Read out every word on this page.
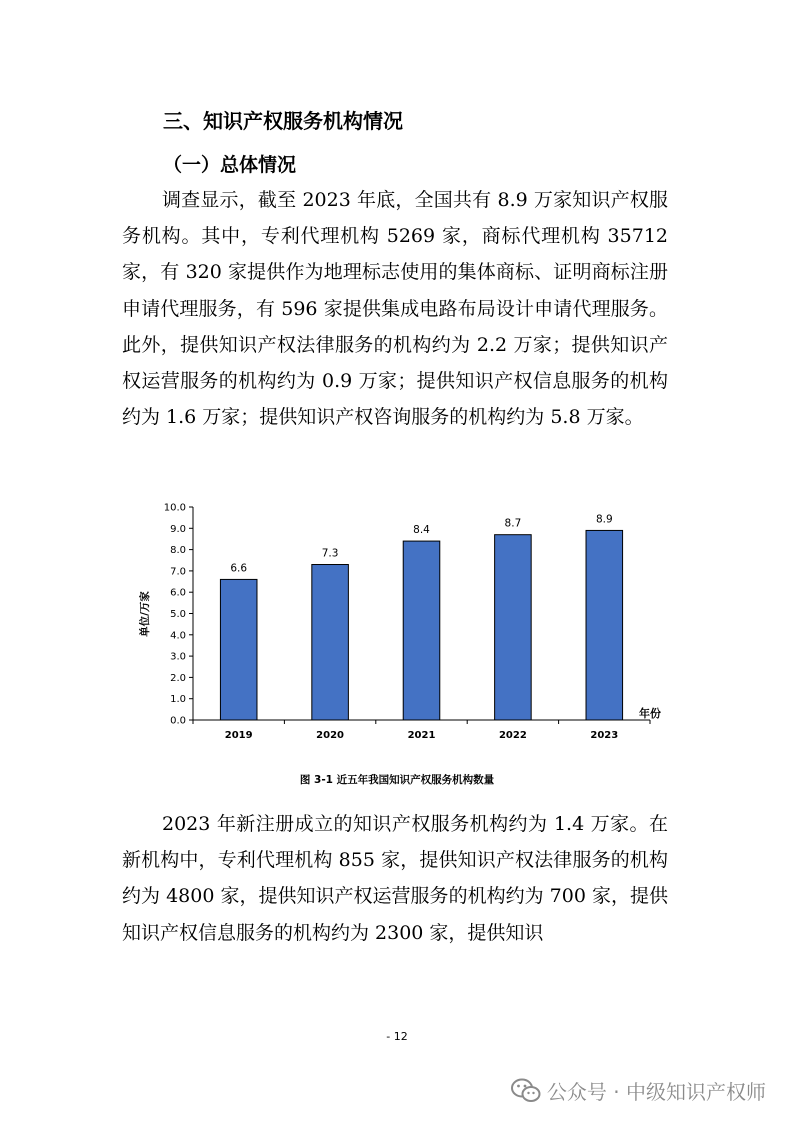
三、知识产权服务机构情况
（一）总体情况

调查显示，截至 2023 年底，全国共有 8.9 万家知识产权服务机构。其中，专利代理机构 5269 家，商标代理机构 35712 家，有 320 家提供作为地理标志使用的集体商标、证明商标注册申请代理服务，有 596 家提供集成电路布局设计申请代理服务。此外，提供知识产权法律服务的机构约为 2.2 万家；提供知识产权运营服务的机构约为 0.9 万家；提供知识产权信息服务的机构约为 1.6 万家；提供知识产权咨询服务的机构约为 5.8 万家。

单位/万家
年份
0.0
1.0
2.0
3.0
4.0
5.0
6.0
7.0
8.0
9.0
10.0
6.6
2019
7.3
2020
8.4
2021
8.7
2022
8.9
2023

图 3-1 近五年我国知识产权服务机构数量

2023 年新注册成立的知识产权服务机构约为 1.4 万家。在新机构中，专利代理机构 855 家，提供知识产权法律服务的机构约为 4800 家，提供知识产权运营服务的机构约为 700 家，提供知识产权信息服务的机构约为 2300 家，提供知识

- 12
公众号 · 中级知识产权师
